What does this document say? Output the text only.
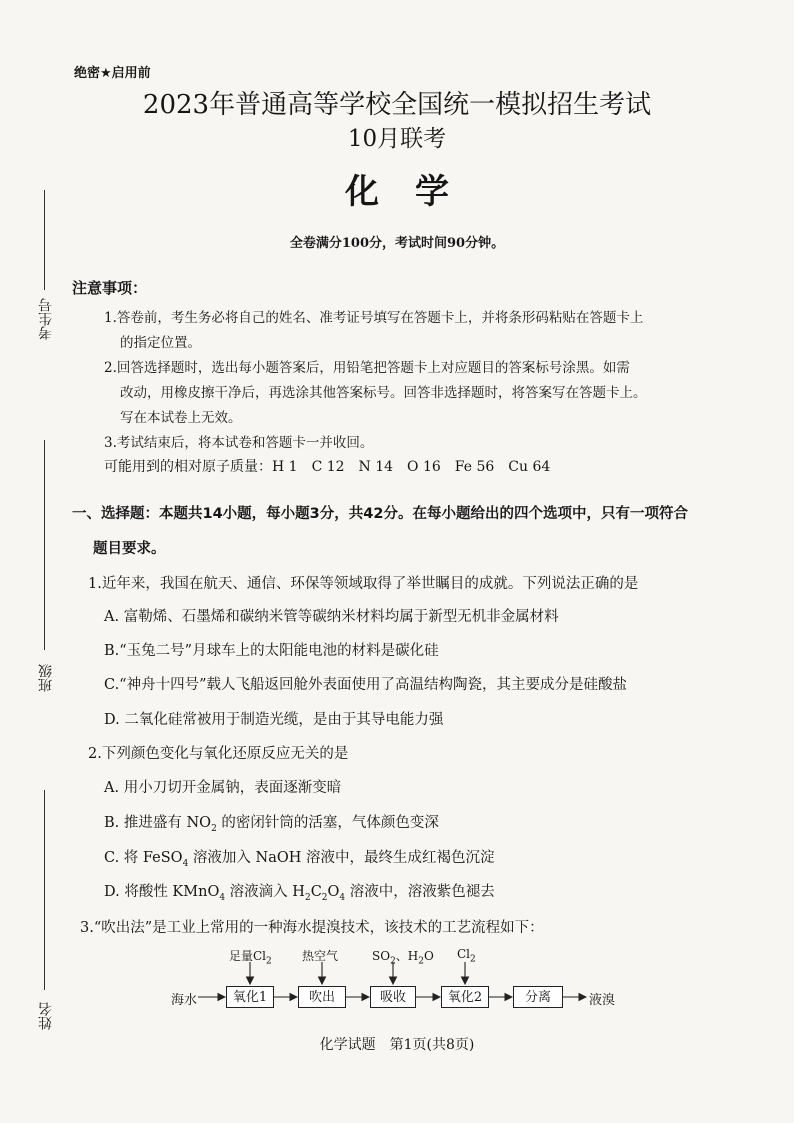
考生号
班级
姓名
绝密★启用前
2023年普通高等学校全国统一模拟招生考试
10月联考
化学
全卷满分100分，考试时间90分钟。
注意事项：
1.答卷前，考生务必将自己的姓名、准考证号填写在答题卡上，并将条形码粘贴在答题卡上
的指定位置。
2.回答选择题时，选出每小题答案后，用铅笔把答题卡上对应题目的答案标号涂黑。如需
改动，用橡皮擦干净后，再选涂其他答案标号。回答非选择题时，将答案写在答题卡上。
写在本试卷上无效。
3.考试结束后，将本试卷和答题卡一并收回。
可能用到的相对原子质量：H 1　C 12　N 14　O 16　Fe 56　Cu 64
一、选择题：本题共14小题，每小题3分，共42分。在每小题给出的四个选项中，只有一项符合
题目要求。
1.近年来，我国在航天、通信、环保等领域取得了举世瞩目的成就。下列说法正确的是
A. 富勒烯、石墨烯和碳纳米管等碳纳米材料均属于新型无机非金属材料
B.“玉兔二号”月球车上的太阳能电池的材料是碳化硅
C.“神舟十四号”载人飞船返回舱外表面使用了高温结构陶瓷，其主要成分是硅酸盐
D. 二氧化硅常被用于制造光缆，是由于其导电能力强
2.下列颜色变化与氧化还原反应无关的是
A. 用小刀切开金属钠，表面逐渐变暗
B. 推进盛有 $NO_2$ 的密闭针筒的活塞，气体颜色变深
C. 将 FeSO$_4$ 溶液加入 NaOH 溶液中，最终生成红褐色沉淀
D. 将酸性 KMnO$_4$ 溶液滴入 $H_2C_2O_4$ 溶液中，溶液紫色褪去
3.“吹出法”是工业上常用的一种海水提溴技术，该技术的工艺流程如下：
海水	液溴
氧化1	吹出	吸收	氧化2	分离
足量$Cl_2$	热空气	$SO_2$、$H_2O$ $Cl_2$
化学试题　第1页(共8页)
